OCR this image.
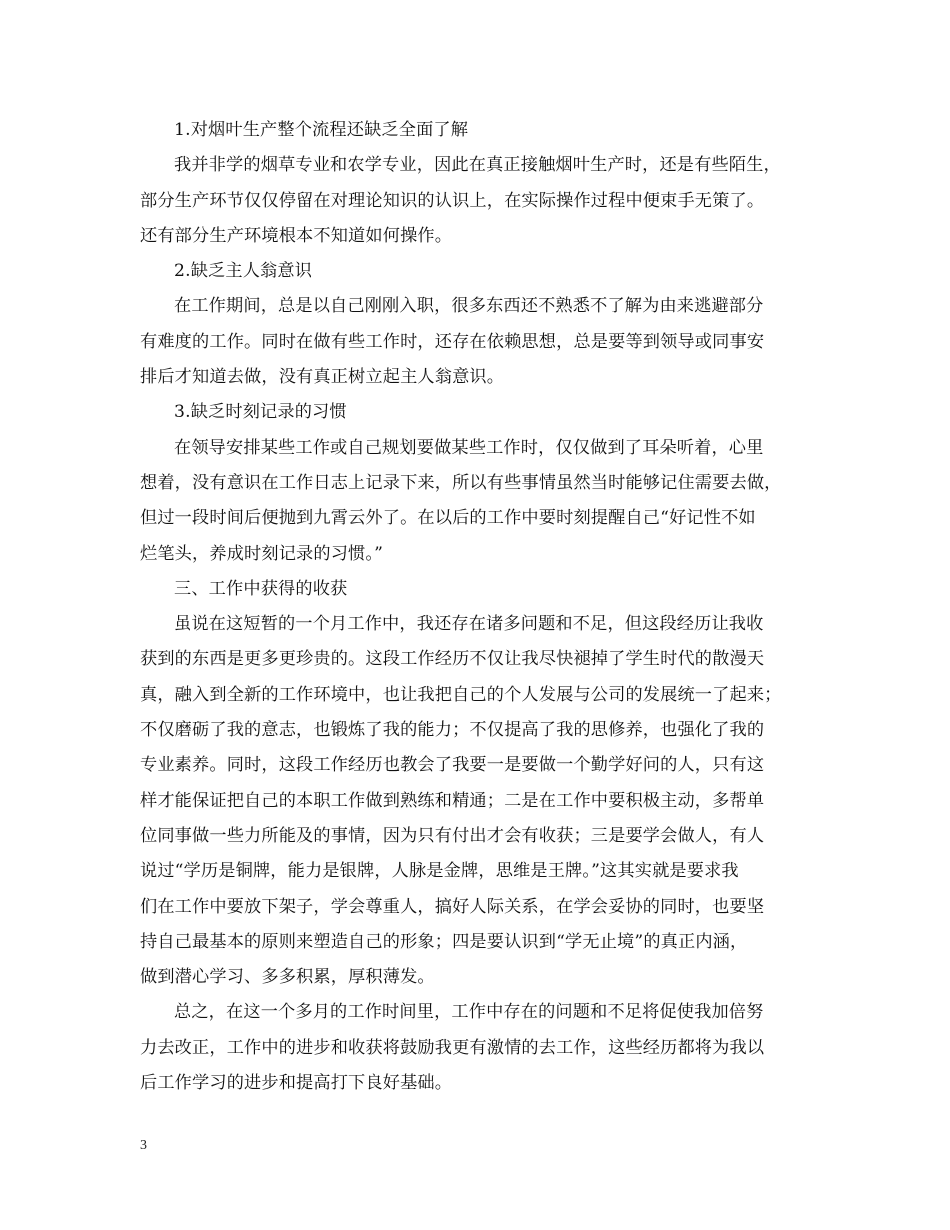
1.对烟叶生产整个流程还缺乏全面了解
我并非学的烟草专业和农学专业，因此在真正接触烟叶生产时，还是有些陌生，
部分生产环节仅仅停留在对理论知识的认识上，在实际操作过程中便束手无策了。
还有部分生产环境根本不知道如何操作。
2.缺乏主人翁意识
在工作期间，总是以自己刚刚入职，很多东西还不熟悉不了解为由来逃避部分
有难度的工作。同时在做有些工作时，还存在依赖思想，总是要等到领导或同事安
排后才知道去做，没有真正树立起主人翁意识。
3.缺乏时刻记录的习惯
在领导安排某些工作或自己规划要做某些工作时，仅仅做到了耳朵听着，心里
想着，没有意识在工作日志上记录下来，所以有些事情虽然当时能够记住需要去做，
但过一段时间后便抛到九霄云外了。在以后的工作中要时刻提醒自己“好记性不如
烂笔头，养成时刻记录的习惯。”
三、工作中获得的收获
虽说在这短暂的一个月工作中，我还存在诸多问题和不足，但这段经历让我收
获到的东西是更多更珍贵的。这段工作经历不仅让我尽快褪掉了学生时代的散漫天
真，融入到全新的工作环境中，也让我把自己的个人发展与公司的发展统一了起来；
不仅磨砺了我的意志，也锻炼了我的能力；不仅提高了我的思修养，也强化了我的
专业素养。同时，这段工作经历也教会了我要一是要做一个勤学好问的人，只有这
样才能保证把自己的本职工作做到熟练和精通；二是在工作中要积极主动，多帮单
位同事做一些力所能及的事情，因为只有付出才会有收获；三是要学会做人，有人
说过“学历是铜牌，能力是银牌，人脉是金牌，思维是王牌。”这其实就是要求我
们在工作中要放下架子，学会尊重人，搞好人际关系，在学会妥协的同时，也要坚
持自己最基本的原则来塑造自己的形象；四是要认识到“学无止境”的真正内涵，
做到潜心学习、多多积累，厚积薄发。
总之，在这一个多月的工作时间里，工作中存在的问题和不足将促使我加倍努
力去改正，工作中的进步和收获将鼓励我更有激情的去工作，这些经历都将为我以
后工作学习的进步和提高打下良好基础。
3
